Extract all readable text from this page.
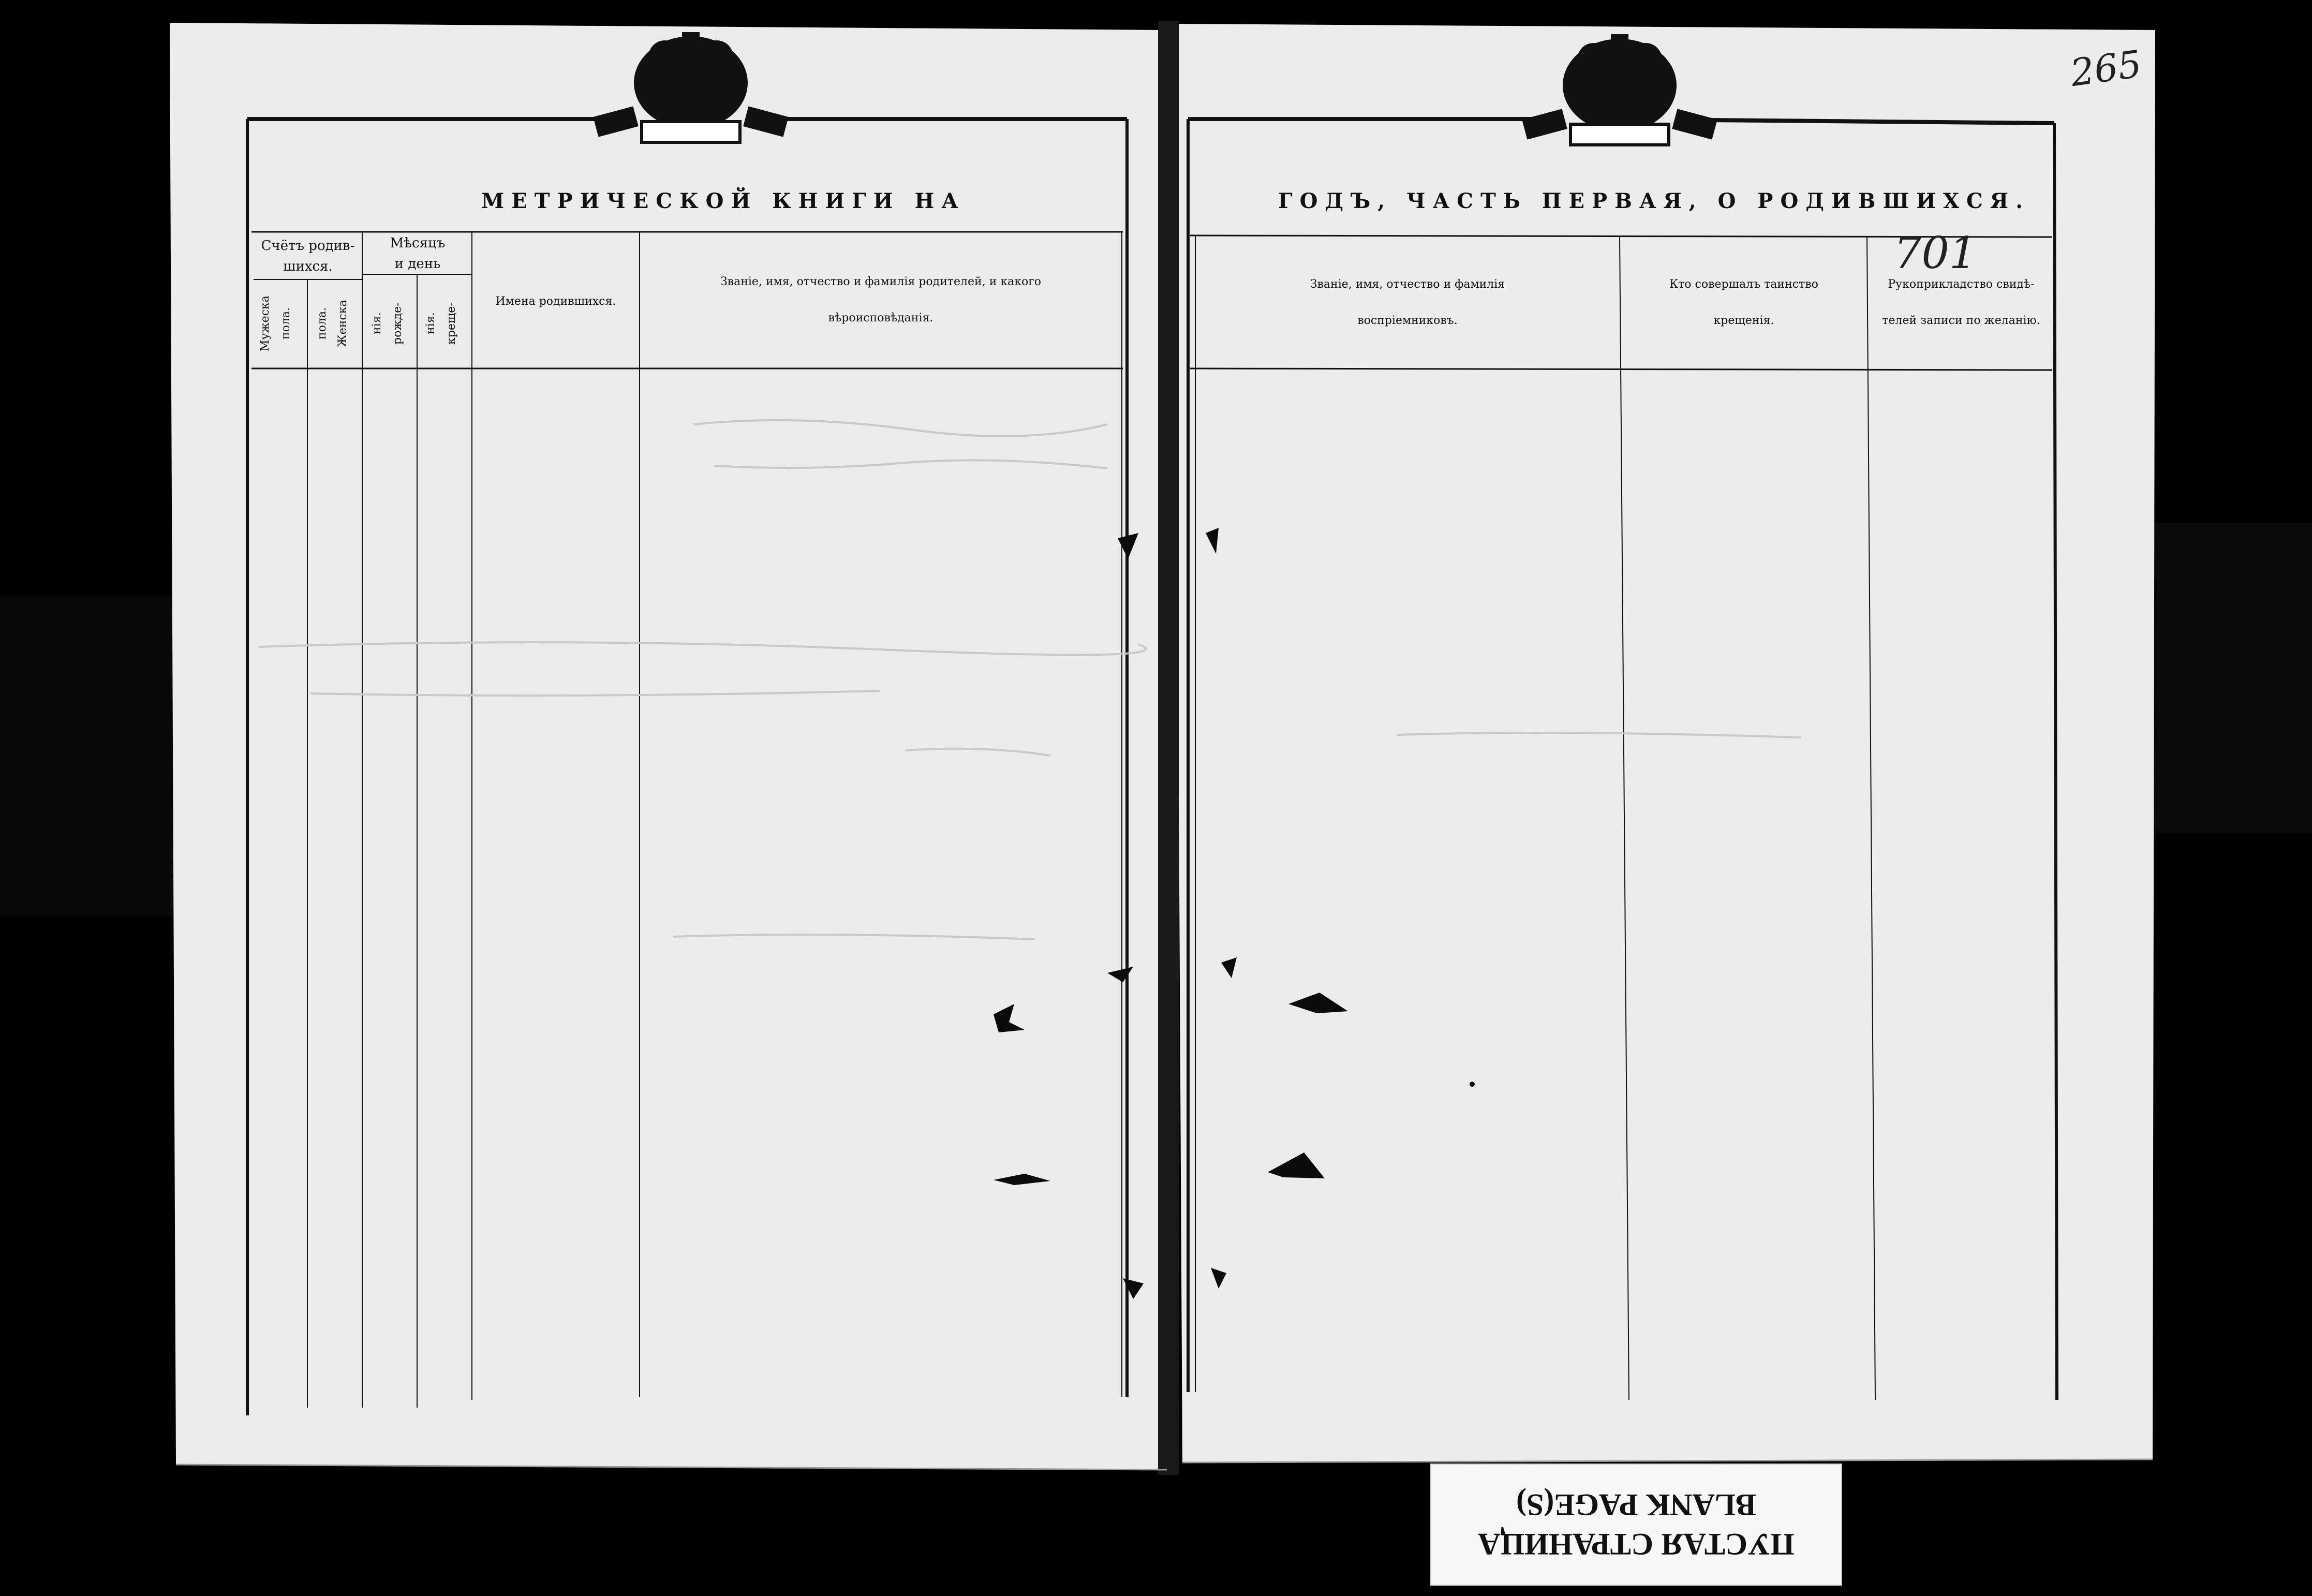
МЕТРИЧЕСКОЙ КНИГИ НА
Счётъ родив-
шихся.
Мужеска пола. пола. Женска
Мѣсяцъ
и день
нія. рожде- нія. креще-
Имена родившихся.
Званіе, имя, отчество и фамилія родителей, и какого
вѣроисповѣданія.
ГОДЪ, ЧАСТЬ ПЕРВАЯ, О РОДИВШИХСЯ.
265
701
Званіе, имя, отчество и фамилія
воспріемниковъ.
Кто совершалъ таинство
крещенія.
Рукоприкладство свидѣ-
телей записи по желанію.
ПУСТАЯ СТРАНИЦА
BLANK PAGE(S)
